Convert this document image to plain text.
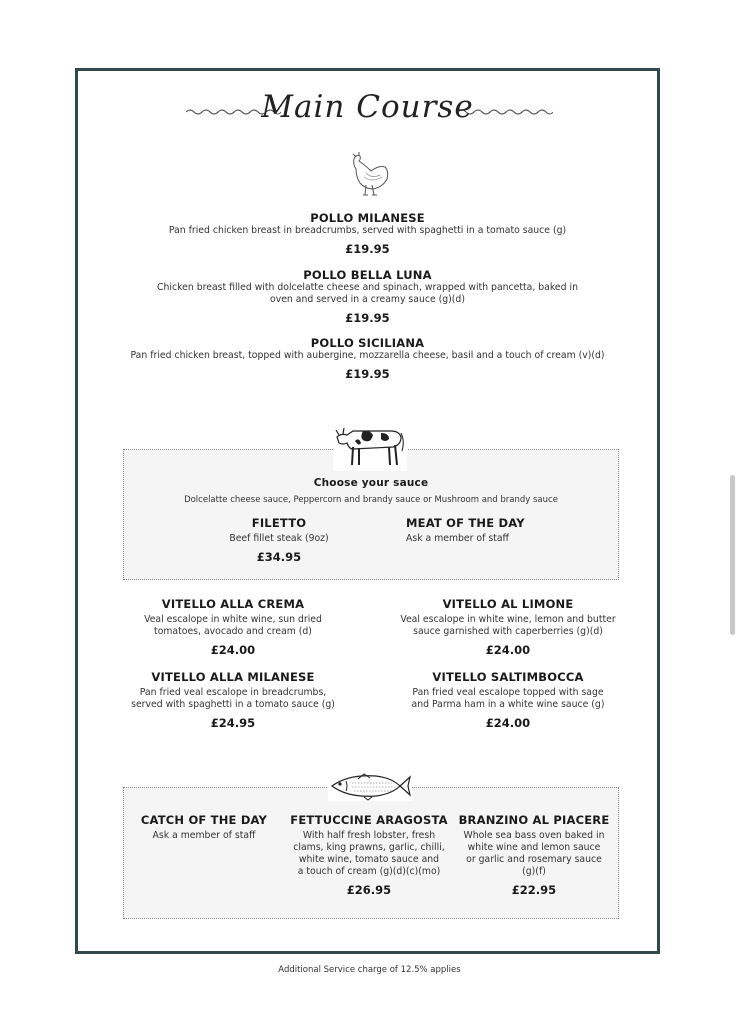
Main Course
POLLO MILANESE
Pan fried chicken breast in breadcrumbs, served with spaghetti in a tomato sauce (g)
£19.95
POLLO BELLA LUNA
Chicken breast filled with dolcelatte cheese and spinach, wrapped with pancetta, baked in
oven and served in a creamy sauce (g)(d)
£19.95
POLLO SICILIANA
Pan fried chicken breast, topped with aubergine, mozzarella cheese, basil and a touch of cream (v)(d)
£19.95
Choose your sauce
Dolcelatte cheese sauce, Peppercorn and brandy sauce or Mushroom and brandy sauce
FILETTO
Beef fillet steak (9oz)
£34.95
MEAT OF THE DAY
Ask a member of staff
VITELLO ALLA CREMA
Veal escalope in white wine, sun dried
tomatoes, avocado and cream (d)
£24.00
VITELLO AL LIMONE
Veal escalope in white wine, lemon and butter
sauce garnished with caperberries (g)(d)
£24.00
VITELLO ALLA MILANESE
Pan fried veal escalope in breadcrumbs,
served with spaghetti in a tomato sauce (g)
£24.95
VITELLO SALTIMBOCCA
Pan fried veal escalope topped with sage
and Parma ham in a white wine sauce (g)
£24.00
CATCH OF THE DAY
Ask a member of staff
FETTUCCINE ARAGOSTA
With half fresh lobster, fresh
clams, king prawns, garlic, chilli,
white wine, tomato sauce and
a touch of cream (g)(d)(c)(mo)
£26.95
BRANZINO AL PIACERE
Whole sea bass oven baked in
white wine and lemon sauce
or garlic and rosemary sauce
(g)(f)
£22.95
Additional Service charge of 12.5% applies
